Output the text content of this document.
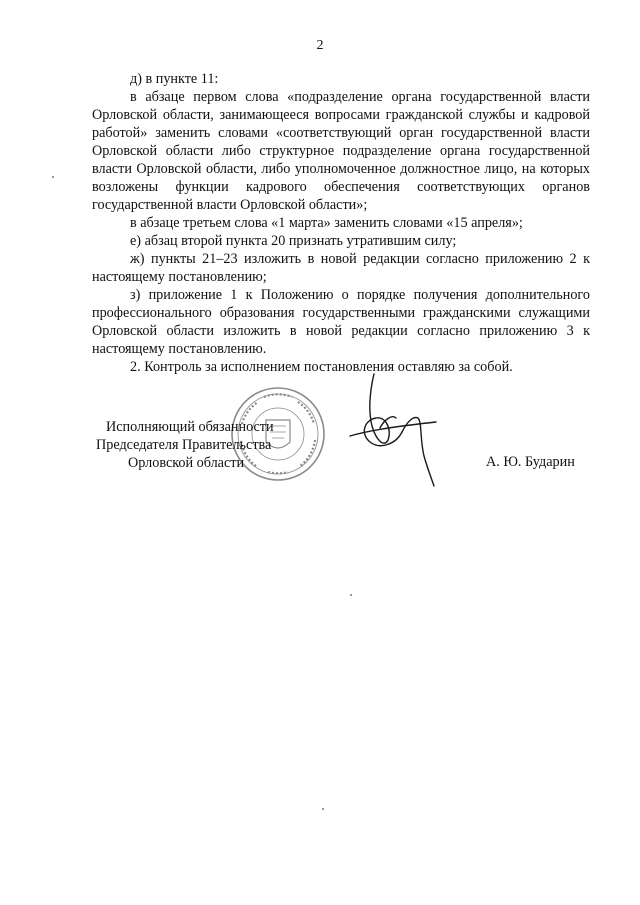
2

д) в пункте 11:

в абзаце первом слова «подразделение органа государственной власти Орловской области, занимающееся вопросами гражданской службы и кадровой работой» заменить словами «соответствующий орган государственной власти Орловской области либо структурное подразделение органа государственной власти Орловской области, либо уполномоченное должностное лицо, на которых возложены функции кадрового обеспечения соответствующих органов государственной власти Орловской области»;

в абзаце третьем слова «1 марта» заменить словами «15 апреля»;

е) абзац второй пункта 20 признать утратившим силу;

ж) пункты 21–23 изложить в новой редакции согласно приложению 2 к настоящему постановлению;

з) приложение 1 к Положению о порядке получения дополнительного профессионального образования государственными гражданскими служащими Орловской области изложить в новой редакции согласно приложению 3 к настоящему постановлению.

2. Контроль за исполнением постановления оставляю за собой.

Исполняющий обязанности
Председателя Правительства
Орловской области	А. Ю. Бударин
